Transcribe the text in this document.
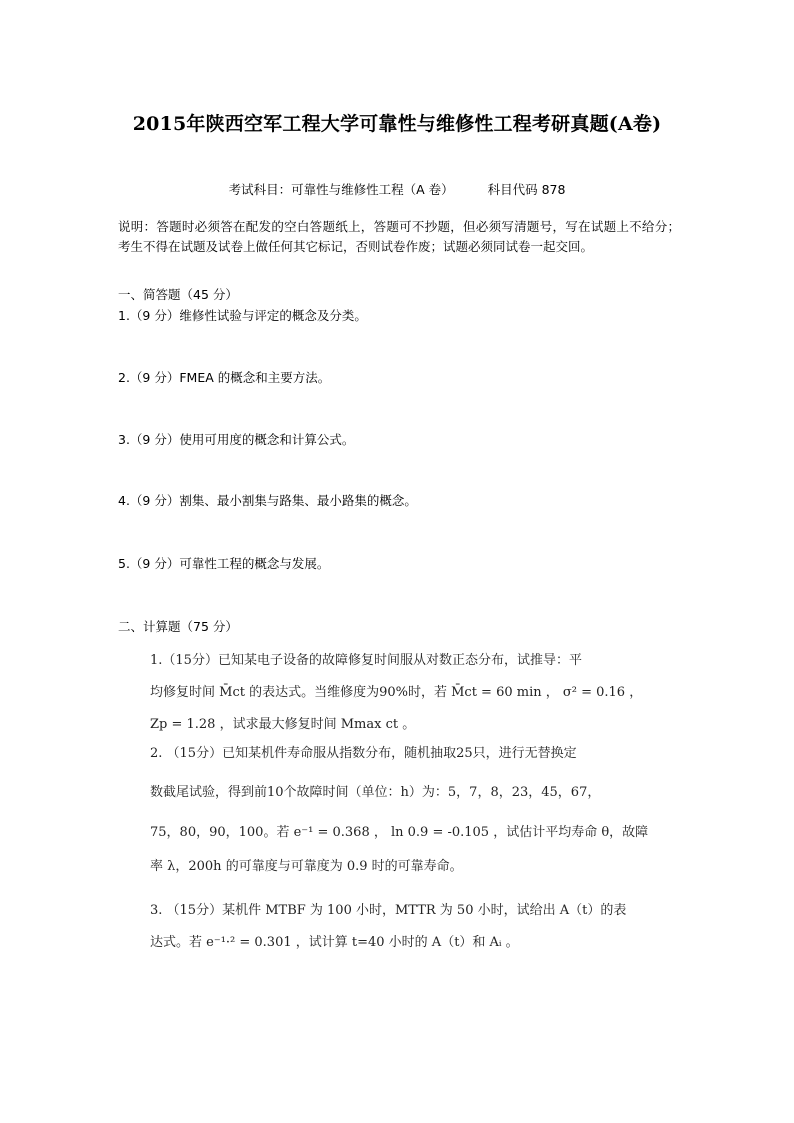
2015年陕西空军工程大学可靠性与维修性工程考研真题(A卷)
考试科目：可靠性与维修性工程（A 卷）	科目代码 878
说明：答题时必须答在配发的空白答题纸上，答题可不抄题，但必须写清题号，写在试题上不给分； 考生不得在试题及试卷上做任何其它标记，否则试卷作废；试题必须同试卷一起交回。
一、简答题（45 分）
1.（9 分）维修性试验与评定的概念及分类。
2.（9 分）FMEA 的概念和主要方法。
3.（9 分）使用可用度的概念和计算公式。
4.（9 分）割集、最小割集与路集、最小路集的概念。
5.（9 分）可靠性工程的概念与发展。
二、计算题（75 分）
1.（15分）已知某电子设备的故障修复时间服从对数正态分布，试推导：平
均修复时间 M̄ct 的表达式。当维修度为90%时，若 M̄ct = 60 min ， σ² = 0.16 ，
Zp = 1.28 ，试求最大修复时间 Mmax ct 。
2. （15分）已知某机件寿命服从指数分布，随机抽取25只，进行无替换定
数截尾试验，得到前10个故障时间（单位：h）为：5，7，8，23，45，67，
75，80，90，100。若 e⁻¹ = 0.368 ， ln 0.9 = -0.105 ，试估计平均寿命 θ，故障
率 λ，200h 的可靠度与可靠度为 0.9 时的可靠寿命。
3. （15分）某机件 MTBF 为 100 小时，MTTR 为 50 小时，试给出 A（t）的表
达式。若 e⁻¹·² = 0.301 ，试计算 t=40 小时的 A（t）和 Aᵢ 。
